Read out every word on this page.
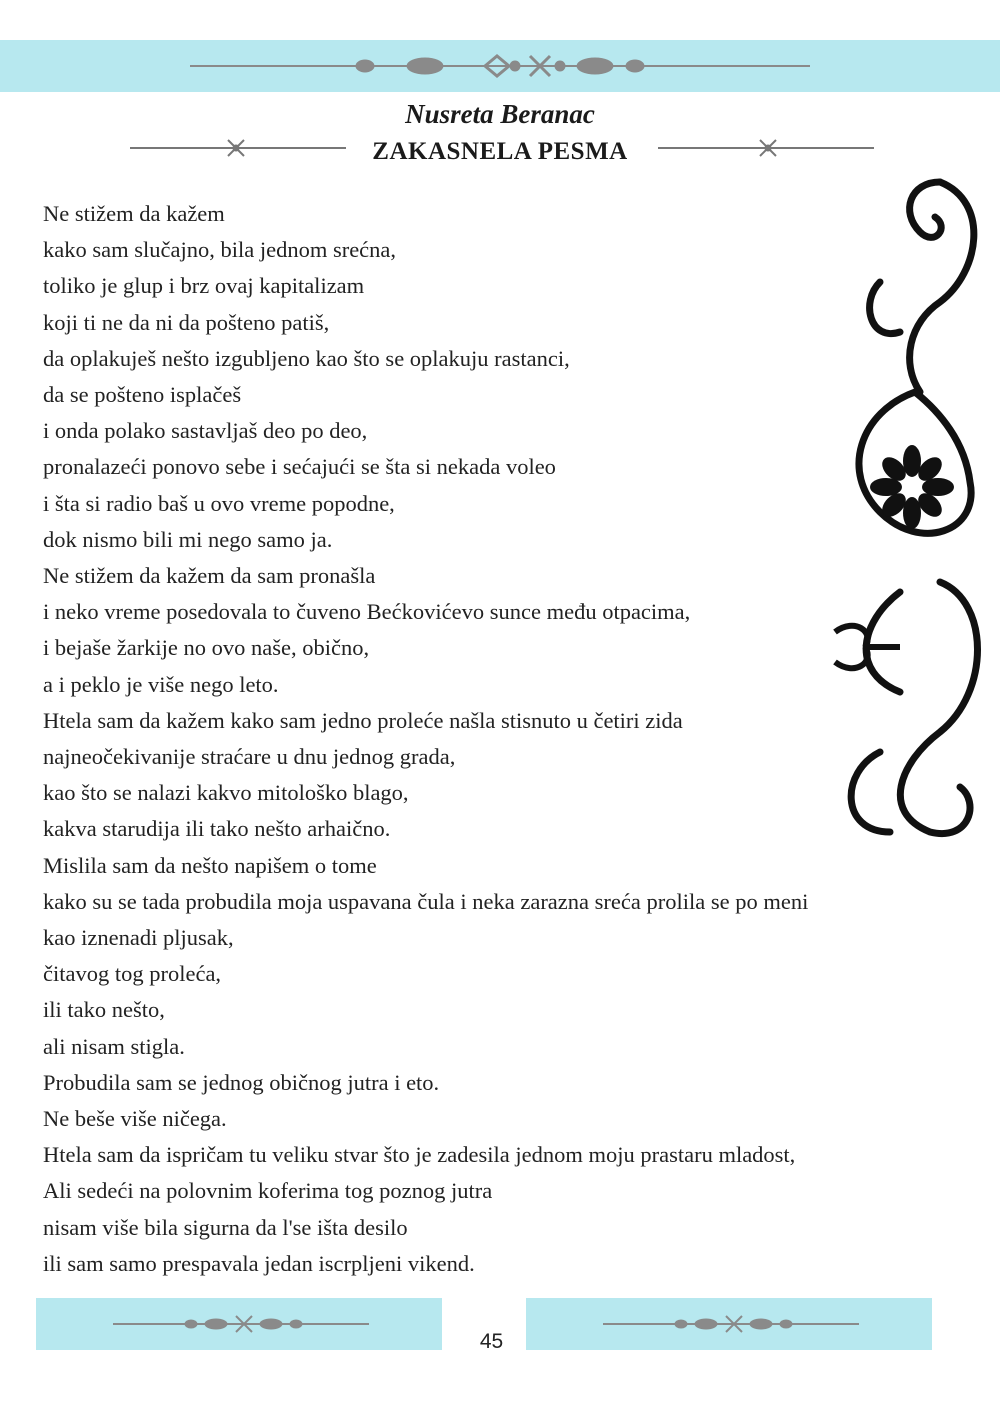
Nusreta Beranac
ZAKASNELA PESMA
Ne stižem da kažem
kako sam slučajno, bila jednom srećna,
toliko je glup i brz ovaj kapitalizam
koji ti ne da ni da pošteno patiš,
da oplakuješ nešto izgubljeno kao što se oplakuju rastanci,
da se pošteno isplačeš
i onda polako sastavljaš deo po deo,
pronalazeći ponovo sebe i sećajući se šta si nekada voleo
i šta si radio baš u ovo vreme popodne,
dok nismo bili mi nego samo ja.
Ne stižem da kažem da sam pronašla
i neko vreme posedovala to čuveno Bećkovićevo sunce među otpacima,
i bejaše žarkije no ovo naše, obično,
a i peklo je više nego leto.
Htela sam da kažem kako sam jedno proleće našla stisnuto u četiri zida
najneočekivanije straćare u dnu jednog grada,
kao što se nalazi kakvo mitološko blago,
kakva starudija ili tako nešto arhaično.
Mislila sam da nešto napišem o tome
kako su se tada probudila moja uspavana čula i neka zarazna sreća prolila se po meni
kao iznenadi pljusak,
čitavog tog proleća,
ili tako nešto,
ali nisam stigla.
Probudila sam se jednog običnog jutra i eto.
Ne beše više ničega.
Htela sam da ispričam tu veliku stvar što je zadesila jednom moju prastaru mladost,
Ali sedeći na polovnim koferima tog poznog jutra
nisam više bila sigurna da l'se išta desilo
ili sam samo prespavala jedan iscrpljeni vikend.
45
